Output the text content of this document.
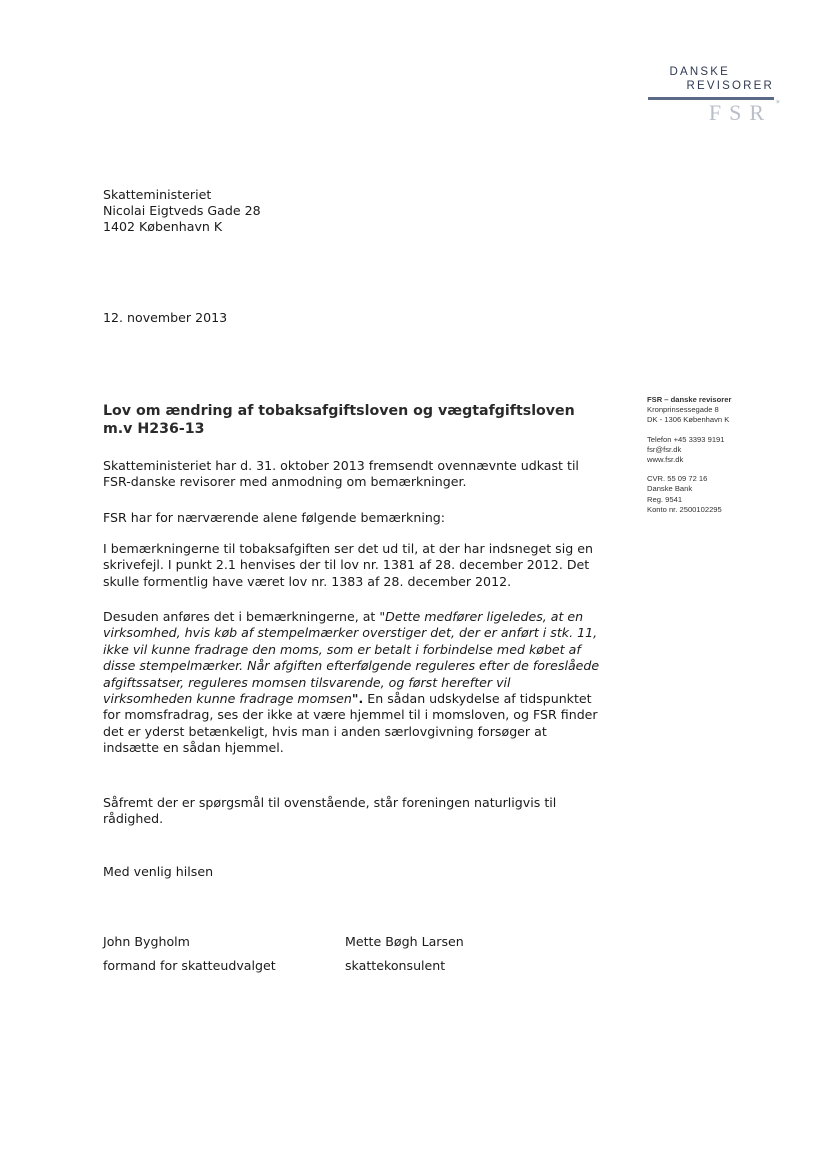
DANSKE
REVISORER
FSR *
Skatteministeriet
Nicolai Eigtveds Gade 28
1402 København K
12. november 2013
Lov om ændring af tobaksafgiftsloven og vægtafgiftsloven m.v H236-13
Skatteministeriet har d. 31. oktober 2013 fremsendt ovennævnte udkast til FSR-danske revisorer med anmodning om bemærkninger.
FSR har for nærværende alene følgende bemærkning:
I bemærkningerne til tobaksafgiften ser det ud til, at der har indsneget sig en skrivefejl. I punkt 2.1 henvises der til lov nr. 1381 af 28. december 2012. Det skulle formentlig have været lov nr. 1383 af 28. december 2012.
Desuden anføres det i bemærkningerne, at "Dette medfører ligeledes, at en virksomhed, hvis køb af stempelmærker overstiger det, der er anført i stk. 11, ikke vil kunne fradrage den moms, som er betalt i forbindelse med købet af disse stempelmærker. Når afgiften efterfølgende reguleres efter de foreslåede afgiftssatser, reguleres momsen tilsvarende, og først herefter vil virksomheden kunne fradrage momsen". En sådan udskydelse af tidspunktet for momsfradrag, ses der ikke at være hjemmel til i momsloven, og FSR finder det er yderst betænkeligt, hvis man i anden særlovgivning forsøger at indsætte en sådan hjemmel.
Såfremt der er spørgsmål til ovenstående, står foreningen naturligvis til rådighed.
Med venlig hilsen
John Bygholm
formand for skatteudvalget
Mette Bøgh Larsen
skattekonsulent
FSR – danske revisorer
Kronprinsessegade 8
DK - 1306 København K
Telefon +45 3393 9191
fsr@fsr.dk
www.fsr.dk
CVR. 55 09 72 16
Danske Bank
Reg. 9541
Konto nr. 2500102295
